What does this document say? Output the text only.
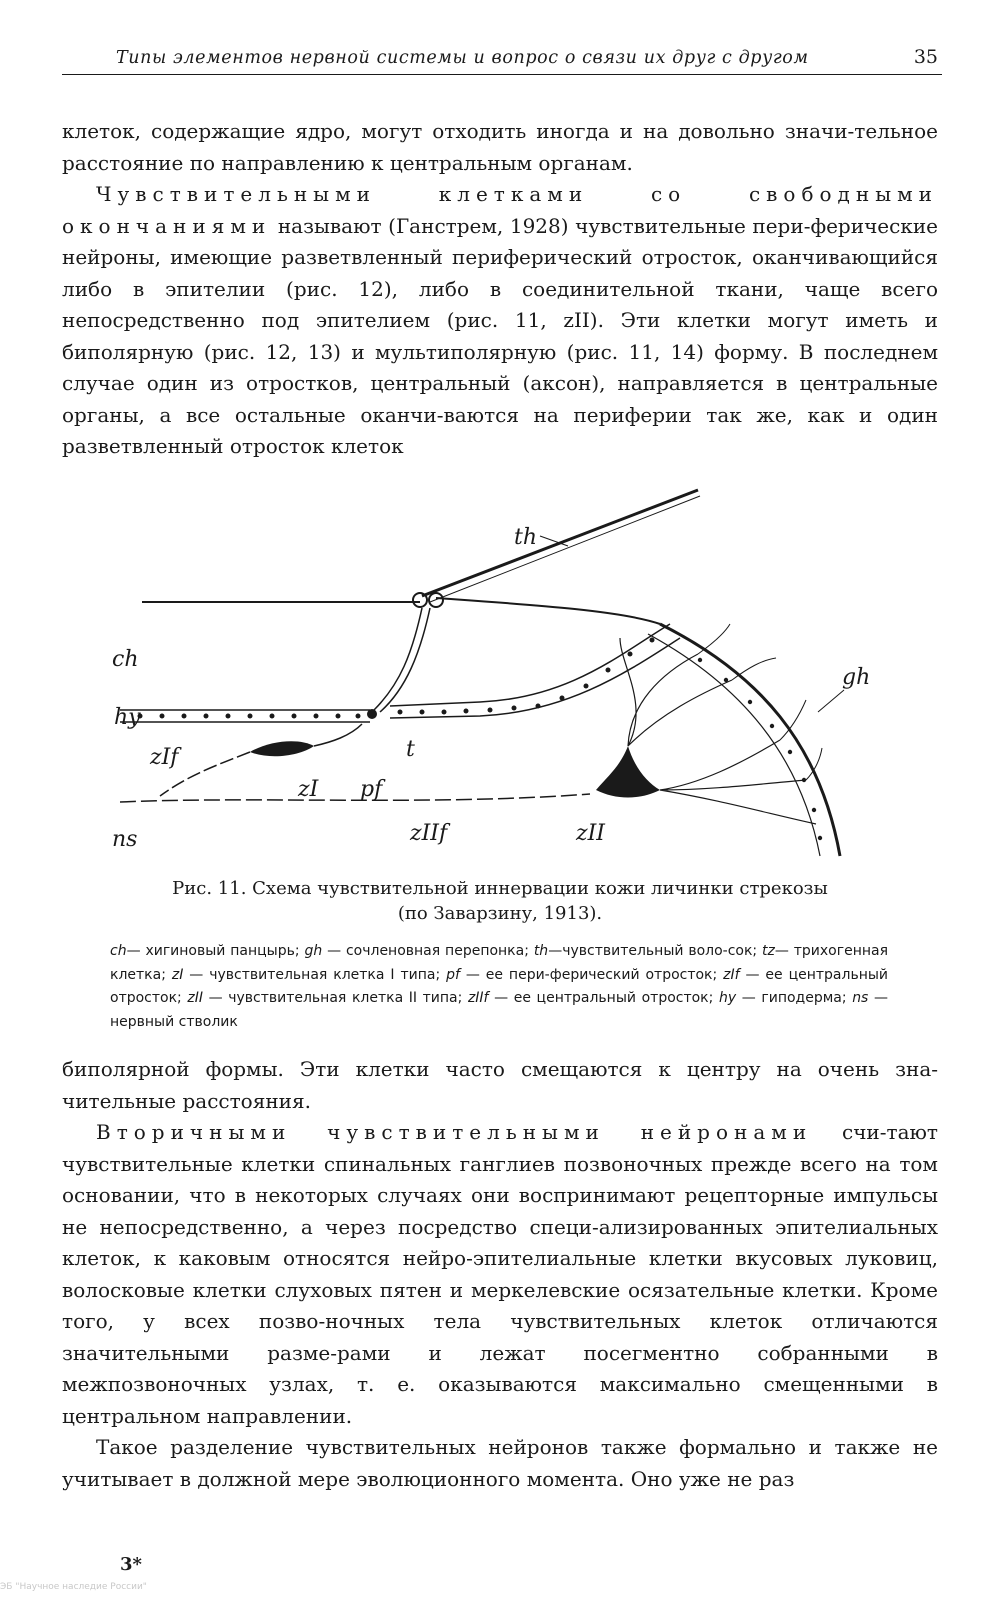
Типы элементов нервной системы и вопрос о связи их друг с другом	35

клеток, содержащие ядро, могут отходить иногда и на довольно значи-тельное расстояние по направлению к центральным органам.

Чувствительными клетками со свободными окончаниями называют (Ганстрем, 1928) чувствительные пери-ферические нейроны, имеющие разветвленный периферический отросток, оканчивающийся либо в эпителии (рис. 12), либо в соединительной ткани, чаще всего непосредственно под эпителием (рис. 11, zII). Эти клетки могут иметь и биполярную (рис. 12, 13) и мультиполярную (рис. 11, 14) форму. В последнем случае один из отростков, центральный (аксон), направляется в центральные органы, а все остальные оканчи-ваются на периферии так же, как и один разветвленный отросток клеток

th
ch
gh
hy
zIf	t
zI pf
zIIf	zII
ns
Рис. 11. Схема чувствительной иннервации кожи личинки стрекозы
(по Заварзину, 1913).
ch— хигиновый панцырь; gh — сочленовная перепонка; th—чувствительный воло-сок; tz— трихогенная клетка; zI — чувствительная клетка I типа; pf — ее пери-ферический отросток; zIf — ее центральный отросток; zII — чувствительная клетка II типа; zIIf — ее центральный отросток; hy — гиподерма; ns — нервный стволик

биполярной формы. Эти клетки часто смещаются к центру на очень зна-чительные расстояния.

Вторичными чувствительными нейронами счи-тают чувствительные клетки спинальных ганглиев позвоночных прежде всего на том основании, что в некоторых случаях они воспринимают рецепторные импульсы не непосредственно, а через посредство специ-ализированных эпителиальных клеток, к каковым относятся нейро-эпителиальные клетки вкусовых луковиц, волосковые клетки слуховых пятен и меркелевские осязательные клетки. Кроме того, у всех позво-ночных тела чувствительных клеток отличаются значительными разме-рами и лежат посегментно собранными в межпозвоночных узлах, т. е. оказываются максимально смещенными в центральном направлении.

Такое разделение чувствительных нейронов также формально и также не учитывает в должной мере эволюционного момента. Оно уже не раз

3*
ЭБ "Научное наследие России"
